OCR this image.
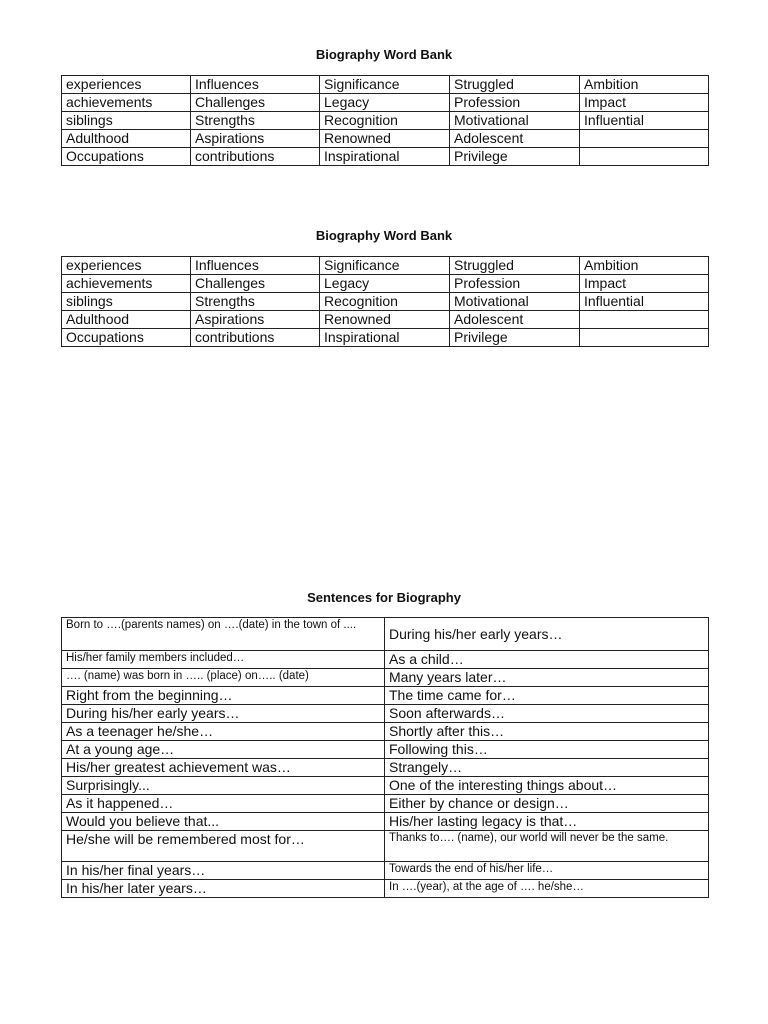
Biography Word Bank
experiences	Influences	Significance	Struggled	Ambition
achievements	Challenges	Legacy	Profession	Impact
siblings	Strengths	Recognition	Motivational	Influential
Adulthood	Aspirations	Renowned	Adolescent	
Occupations	contributions	Inspirational	Privilege	
Biography Word Bank
experiences	Influences	Significance	Struggled	Ambition
achievements	Challenges	Legacy	Profession	Impact
siblings	Strengths	Recognition	Motivational	Influential
Adulthood	Aspirations	Renowned	Adolescent	
Occupations	contributions	Inspirational	Privilege	
Sentences for Biography
Born to ….(parents names) on ….(date) in the town of ....	During his/her early years…
His/her family members included…	As a child…
…. (name) was born in ….. (place) on….. (date)	Many years later…
Right from the beginning…	The time came for…
During his/her early years…	Soon afterwards…
As a teenager he/she…	Shortly after this…
At a young age…	Following this…
His/her greatest achievement was…	Strangely…
Surprisingly...	One of the interesting things about…
As it happened…	Either by chance or design…
Would you believe that...	His/her lasting legacy is that…
He/she will be remembered most for…	Thanks to…. (name), our world will never be the same.
In his/her final years…	Towards the end of his/her life…
In his/her later years…	In ….(year), at the age of …. he/she…
